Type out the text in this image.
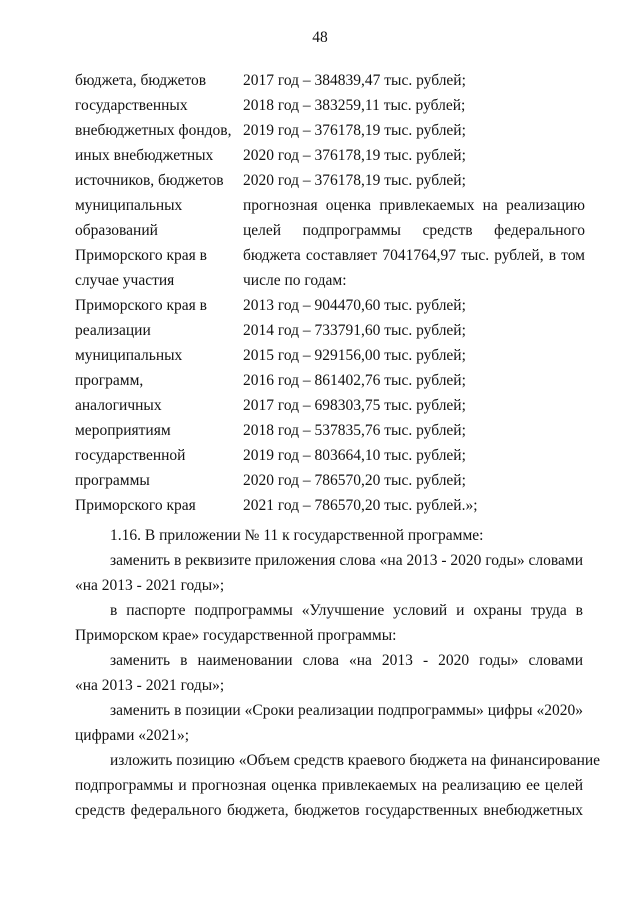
48
бюджета, бюджетов	2017 год – 384839,47 тыс. рублей;
государственных	2018 год – 383259,11 тыс. рублей;
внебюджетных фондов, 2019 год – 376178,19 тыс. рублей;
иных внебюджетных	2020 год – 376178,19 тыс. рублей;
источников, бюджетов	2020 год – 376178,19 тыс. рублей;
муниципальных	прогнозная оценка привлекаемых на реализацию
образований	целей подпрограммы средств федерального
Приморского края в	бюджета составляет 7041764,97 тыс. рублей, в том
случае участия	числе по годам:
Приморского края в	2013 год – 904470,60 тыс. рублей;
реализации	2014 год – 733791,60 тыс. рублей;
муниципальных	2015 год – 929156,00 тыс. рублей;
программ,	2016 год – 861402,76 тыс. рублей;
аналогичных	2017 год – 698303,75 тыс. рублей;
мероприятиям	2018 год – 537835,76 тыс. рублей;
государственной	2019 год – 803664,10 тыс. рублей;
программы	2020 год – 786570,20 тыс. рублей;
Приморского края	2021 год – 786570,20 тыс. рублей.»;
1.16. В приложении № 11 к государственной программе:
заменить в реквизите приложения слова «на 2013 - 2020 годы» словами
«на 2013 - 2021 годы»;
в паспорте подпрограммы «Улучшение условий и охраны труда в
Приморском крае» государственной программы:
заменить в наименовании слова «на 2013 - 2020 годы» словами
«на 2013 - 2021 годы»;
заменить в позиции «Сроки реализации подпрограммы» цифры «2020»
цифрами «2021»;
изложить позицию «Объем средств краевого бюджета на финансирование
подпрограммы и прогнозная оценка привлекаемых на реализацию ее целей
средств федерального бюджета, бюджетов государственных внебюджетных
